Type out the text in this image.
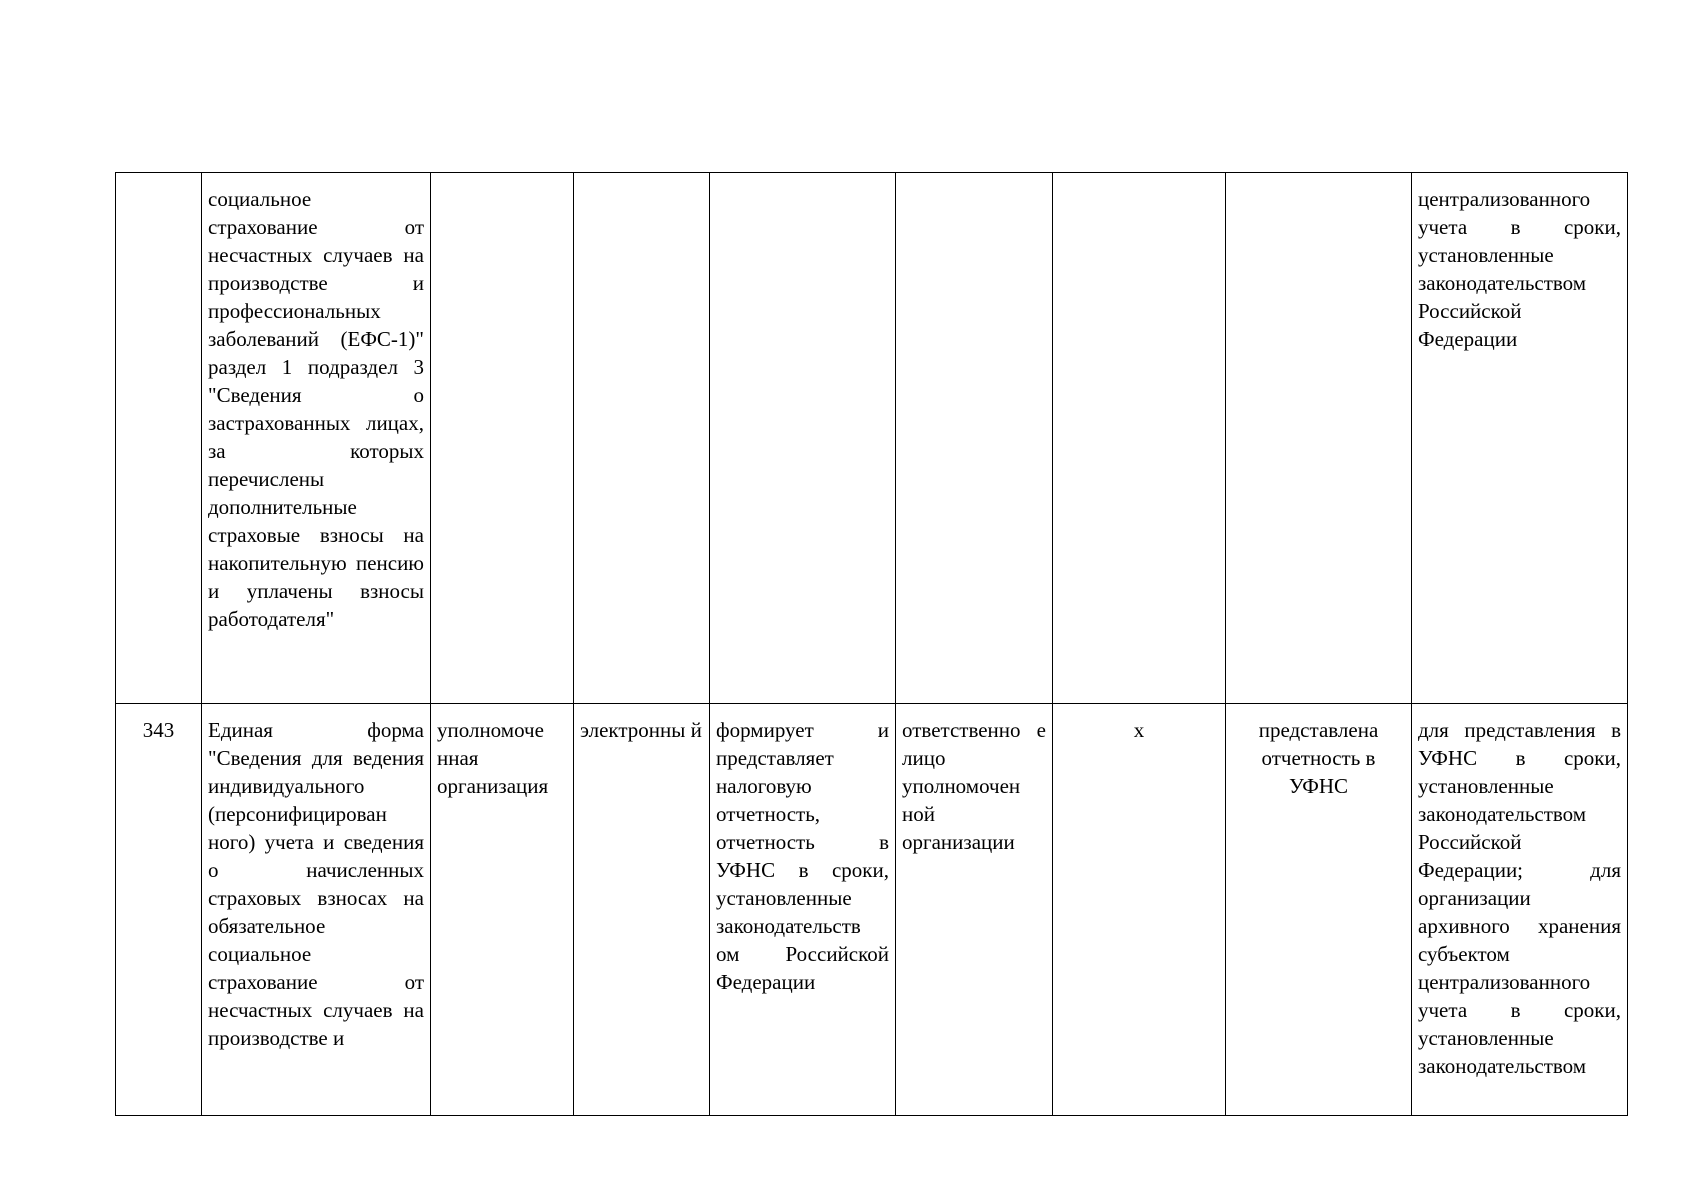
	социальное страхование от несчастных случаев на производстве и профессиональных заболеваний (ЕФС-1)" раздел 1 подраздел 3 "Сведения о застрахованных лицах, за которых перечислены дополнительные страховые взносы на накопительную пенсию и уплачены взносы работодателя"							централизованного учета в сроки, установленные законодательством Российской Федерации
343	Единая форма "Сведения для ведения индивидуального (персонифицирован ного) учета и сведения о начисленных страховых взносах на обязательное социальное страхование от несчастных случаев на производстве и	уполномоче нная организация	электронны й	формирует и представляет налоговую отчетность, отчетность в УФНС в сроки, установленные законодательств ом Российской Федерации	ответственно е лицо уполномочен ной организации	х	представлена отчетность в УФНС	для представления в УФНС в сроки, установленные законодательством Российской Федерации; для организации архивного хранения субъектом централизованного учета в сроки, установленные законодательством
